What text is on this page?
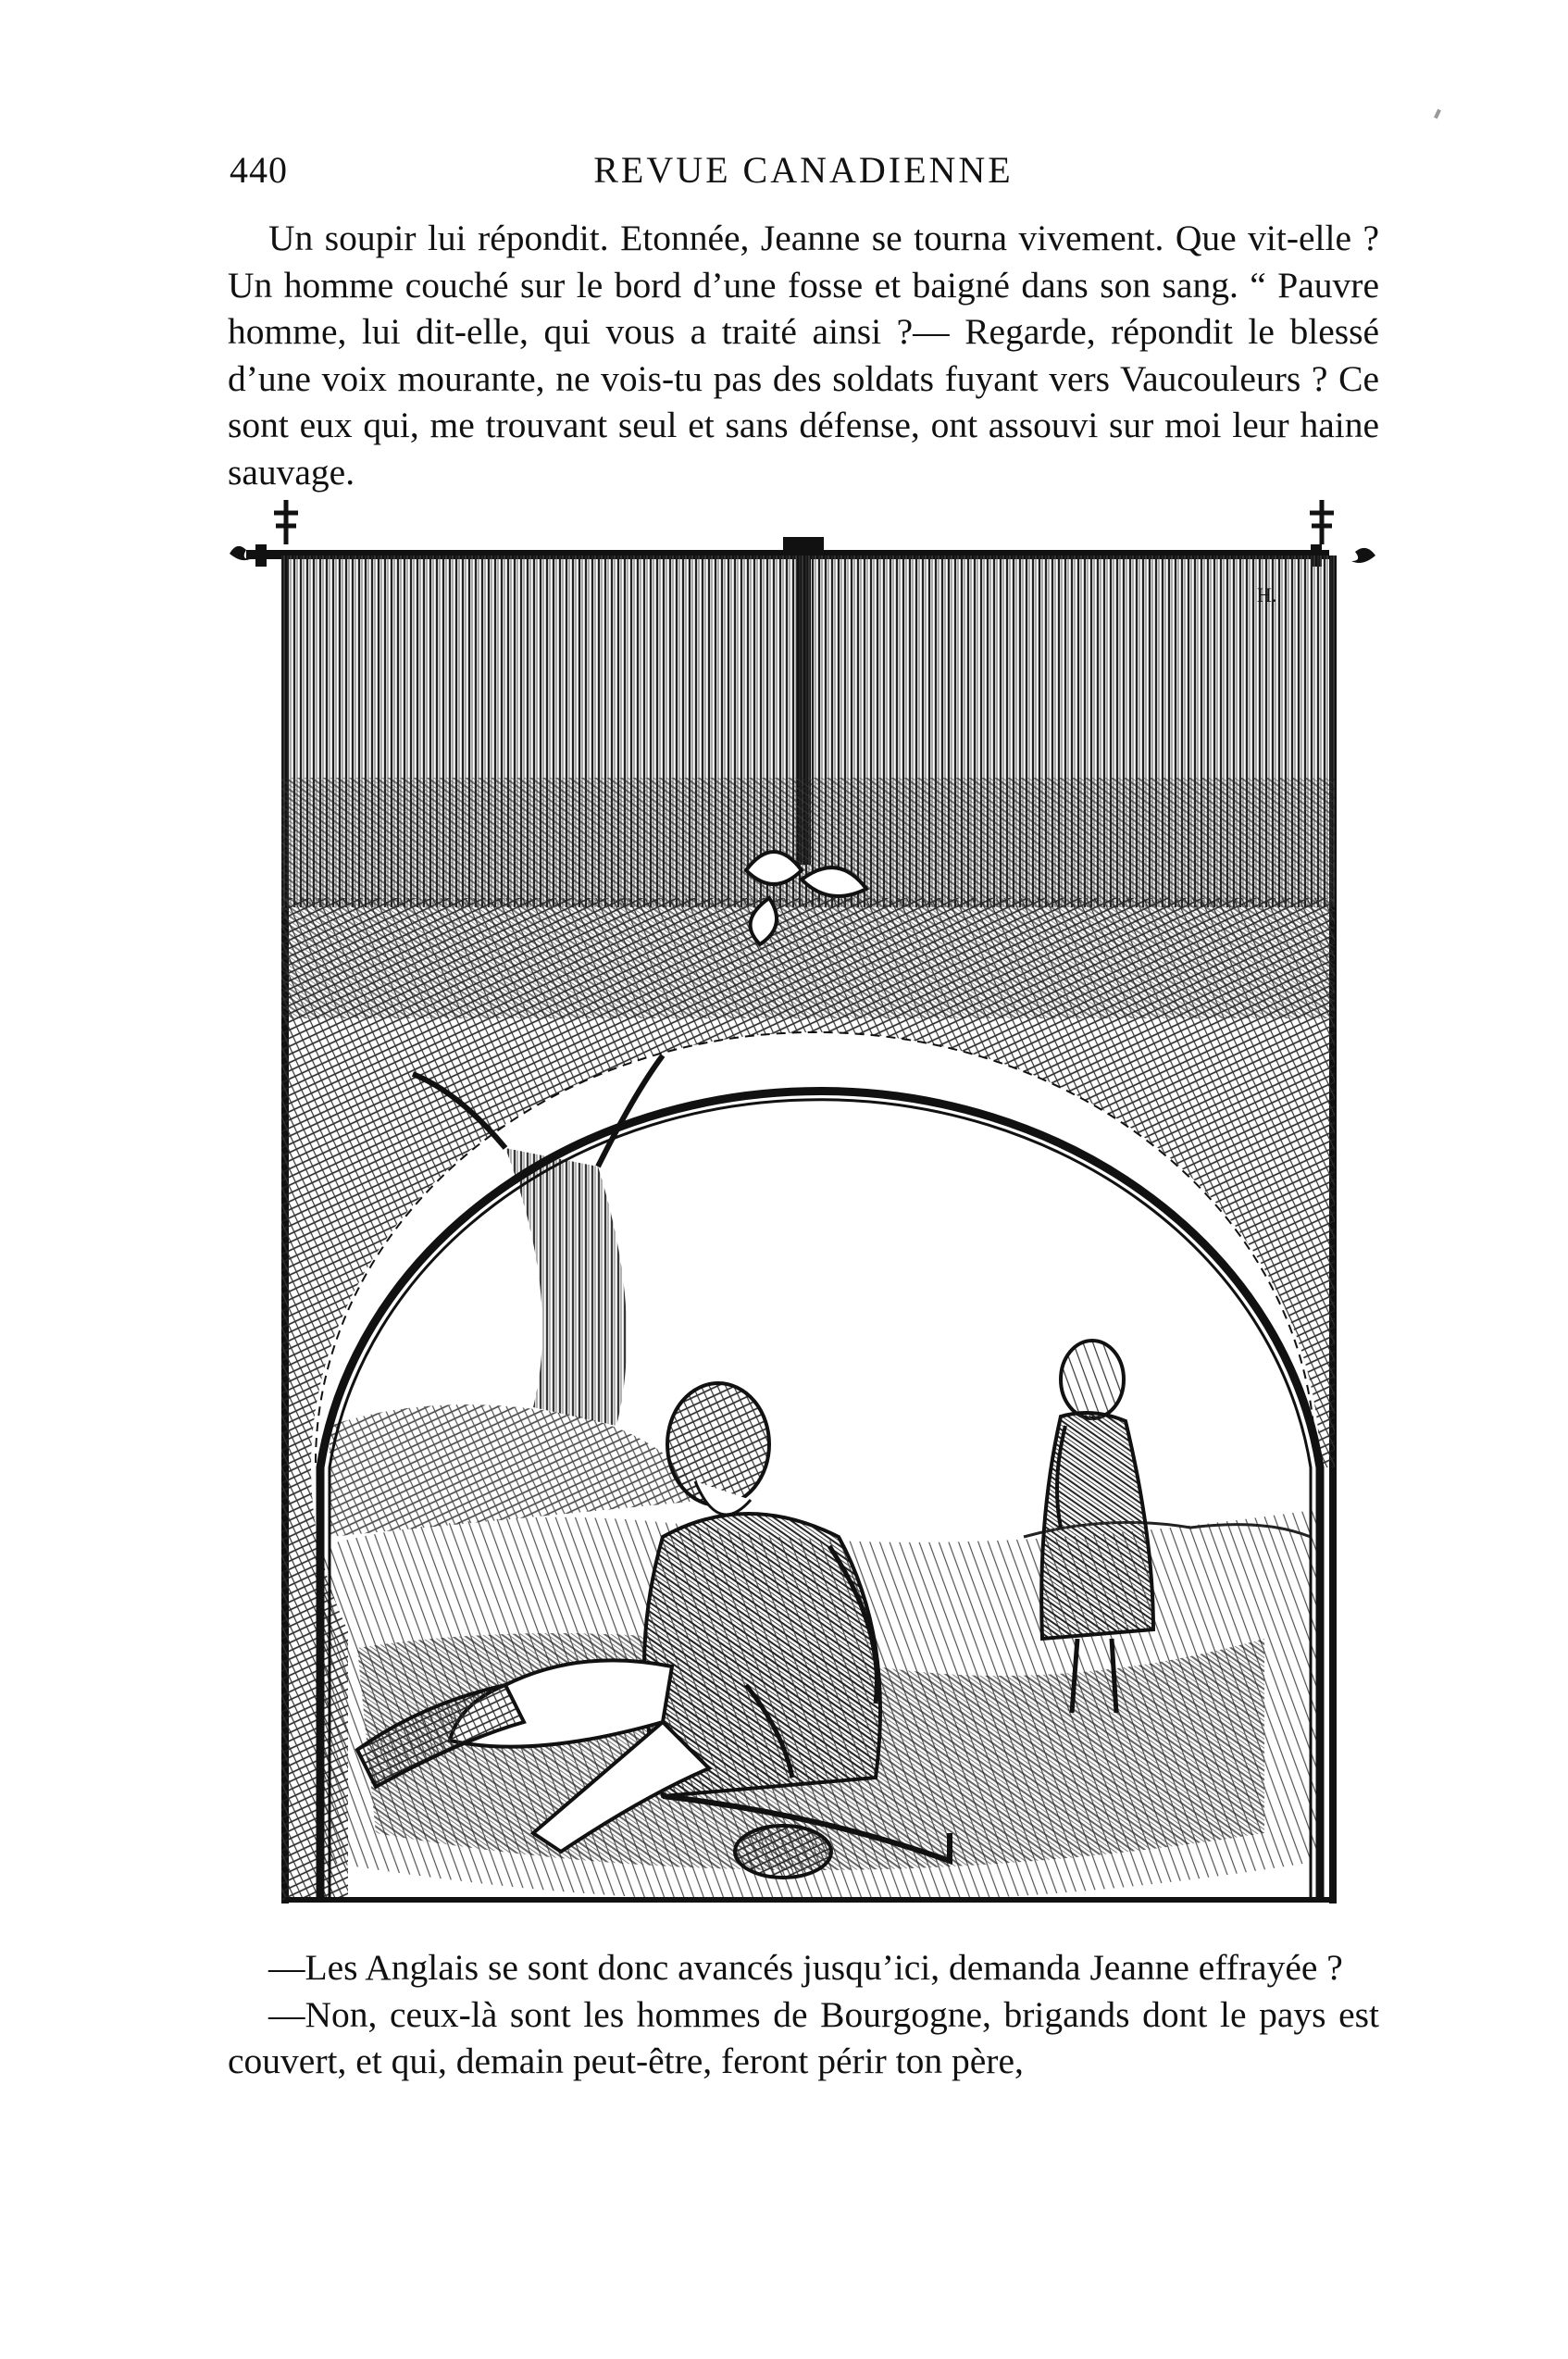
440	REVUE CANADIENNE

Un soupir lui répondit. Etonnée, Jeanne se tourna vivement. Que vit-elle ? Un homme couché sur le bord d’une fosse et baigné dans son sang. “ Pauvre homme, lui dit-elle, qui vous a traité ainsi ?— Regarde, répondit le blessé d’une voix mourante, ne vois-tu pas des soldats fuyant vers Vaucouleurs ? Ce sont eux qui, me trouvant seul et sans défense, ont assouvi sur moi leur haine sauvage.

H.

—Les Anglais se sont donc avancés jusqu’ici, demanda Jeanne effrayée ?

—Non, ceux-là sont les hommes de Bourgogne, brigands dont le pays est couvert, et qui, demain peut-être, feront périr ton père,
